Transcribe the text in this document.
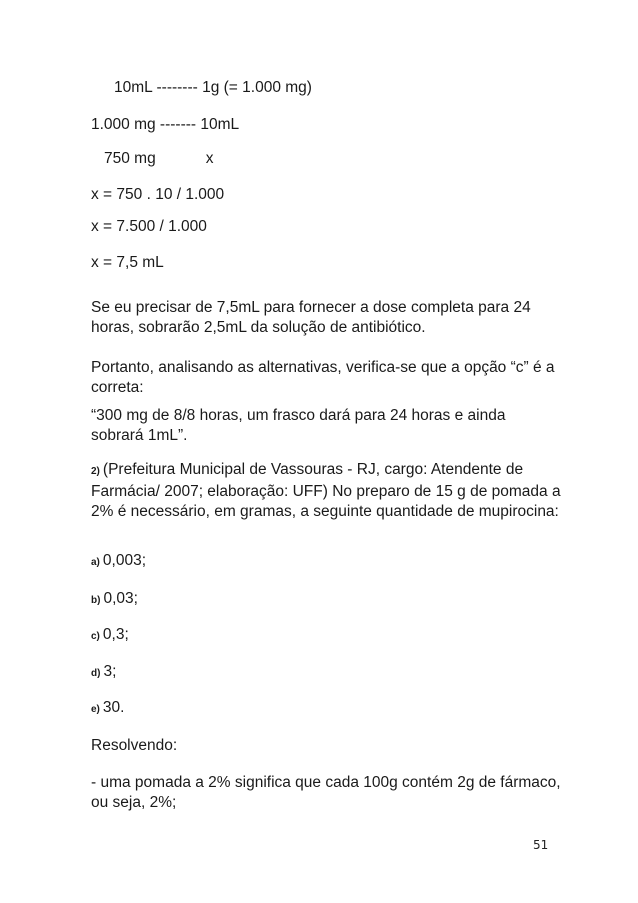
10mL -------- 1g (= 1.000 mg)
1.000 mg ------- 10mL
750 mg	x
x = 750 . 10 / 1.000
x = 7.500 / 1.000
x = 7,5 mL
Se eu precisar de 7,5mL para fornecer a dose completa para 24 horas, sobrarão 2,5mL da solução de antibiótico.
Portanto, analisando as alternativas, verifica-se que a opção “c” é a correta:
“300 mg de 8/8 horas, um frasco dará para 24 horas e ainda sobrará 1mL”.
2) (Prefeitura Municipal de Vassouras - RJ, cargo: Atendente de Farmácia/ 2007; elaboração: UFF) No preparo de 15 g de pomada a 2% é necessário, em gramas, a seguinte quantidade de mupirocina:
a) 0,003;
b) 0,03;
c) 0,3;
d) 3;
e) 30.
Resolvendo:
- uma pomada a 2% significa que cada 100g contém 2g de fármaco, ou seja, 2%;
51
